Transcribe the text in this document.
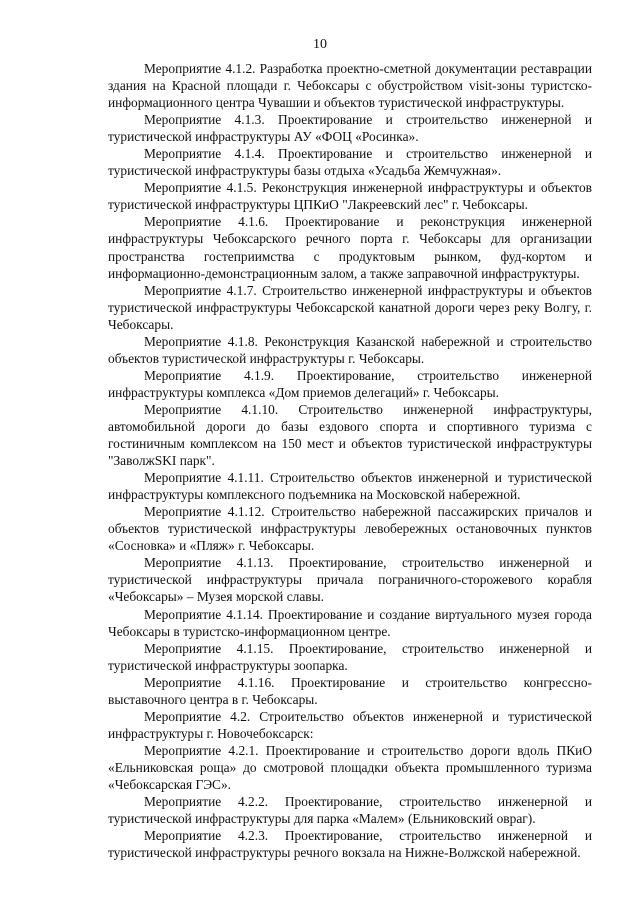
10

Мероприятие 4.1.2. Разработка проектно-сметной документации реставрации здания на Красной площади г. Чебоксары с обустройством visit-зоны туристско-информационного центра Чувашии и объектов туристической инфраструктуры.

Мероприятие 4.1.3. Проектирование и строительство инженерной и туристической инфраструктуры АУ «ФОЦ «Росинка».

Мероприятие 4.1.4. Проектирование и строительство инженерной и туристической инфраструктуры базы отдыха «Усадьба Жемчужная».

Мероприятие 4.1.5. Реконструкция инженерной инфраструктуры и объектов туристической инфраструктуры ЦПКиО "Лакреевский лес" г. Чебоксары.

Мероприятие 4.1.6. Проектирование и реконструкция инженерной инфраструктуры Чебоксарского речного порта г. Чебоксары для организации пространства гостеприимства с продуктовым рынком, фуд-кортом и информационно-демонстрационным залом, а также заправочной инфраструктуры.

Мероприятие 4.1.7. Строительство инженерной инфраструктуры и объектов туристической инфраструктуры Чебоксарской канатной дороги через реку Волгу, г. Чебоксары.

Мероприятие 4.1.8. Реконструкция Казанской набережной и строительство объектов туристической инфраструктуры г. Чебоксары.

Мероприятие 4.1.9. Проектирование, строительство инженерной инфраструктуры комплекса «Дом приемов делегаций» г. Чебоксары.

Мероприятие 4.1.10. Строительство инженерной инфраструктуры, автомобильной дороги до базы ездового спорта и спортивного туризма с гостиничным комплексом на 150 мест и объектов туристической инфраструктуры "ЗаволжSKI парк".

Мероприятие 4.1.11. Строительство объектов инженерной и туристической инфраструктуры комплексного подъемника на Московской набережной.

Мероприятие 4.1.12. Строительство набережной пассажирских причалов и объектов туристической инфраструктуры левобережных остановочных пунктов «Сосновка» и «Пляж» г. Чебоксары.

Мероприятие 4.1.13. Проектирование, строительство инженерной и туристической инфраструктуры причала пограничного-сторожевого корабля «Чебоксары» – Музея морской славы.

Мероприятие 4.1.14. Проектирование и создание виртуального музея города Чебоксары в туристско-информационном центре.

Мероприятие 4.1.15. Проектирование, строительство инженерной и туристической инфраструктуры зоопарка.

Мероприятие 4.1.16. Проектирование и строительство конгрессно-выставочного центра в г. Чебоксары.

Мероприятие 4.2. Строительство объектов инженерной и туристической инфраструктуры г. Новочебоксарск:

Мероприятие 4.2.1. Проектирование и строительство дороги вдоль ПКиО «Ельниковская роща» до смотровой площадки объекта промышленного туризма «Чебоксарская ГЭС».

Мероприятие 4.2.2. Проектирование, строительство инженерной и туристической инфраструктуры для парка «Малем» (Ельниковский овраг).

Мероприятие 4.2.3. Проектирование, строительство инженерной и туристической инфраструктуры речного вокзала на Нижне-Волжской набережной.
